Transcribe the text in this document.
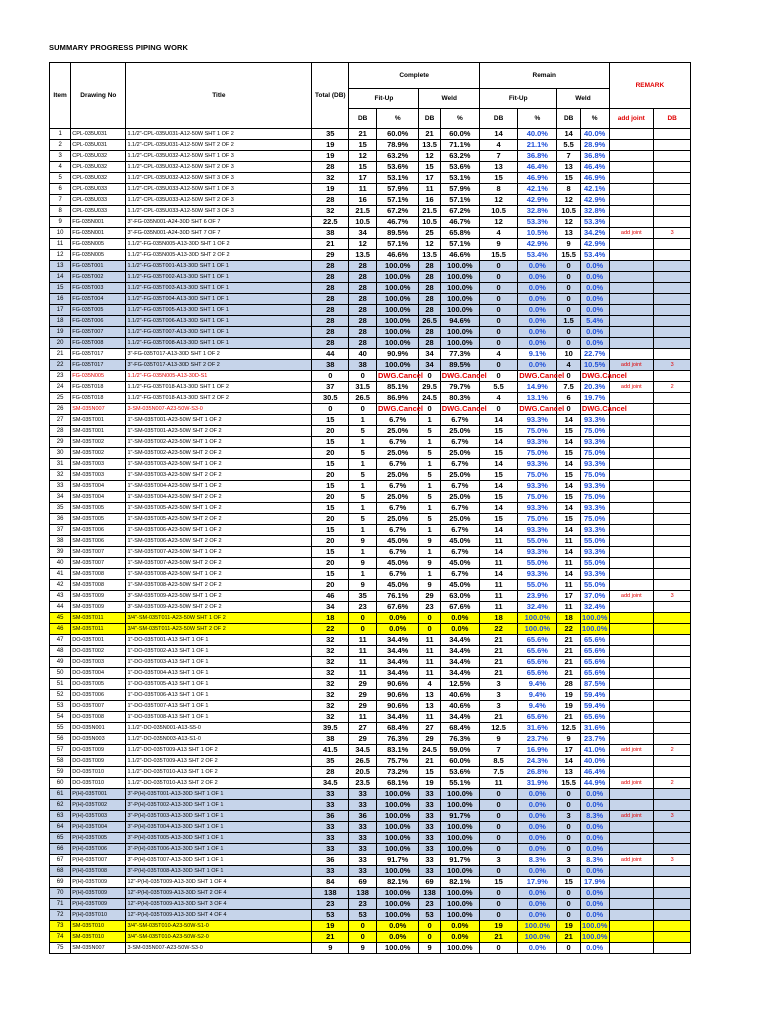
SUMMARY PROGRESS PIPING WORK
Item	Drawing No	Title	Total (DB)	Complete				Remain				REMARK	
				Fit-Up		Weld		Fit-Up		Weld			
				DB	%	DB	%	DB	%	DB	%	add joint	DB
1	CPL-035U031	1.1/2"-CPL-035U031-A12-50W SHT 1 OF 2	35	21	60.0%	21	60.0%	14	40.0%	14	40.0%		
2	CPL-035U031	1.1/2"-CPL-035U031-A12-50W SHT 2 OF 2	19	15	78.9%	13.5	71.1%	4	21.1%	5.5	28.9%		
3	CPL-035U032	1.1/2"-CPL-035U032-A12-50W SHT 1 OF 3	19	12	63.2%	12	63.2%	7	36.8%	7	36.8%		
4	CPL-035U032	1.1/2"-CPL-035U032-A12-50W SHT 2 OF 3	28	15	53.6%	15	53.6%	13	46.4%	13	46.4%		
5	CPL-035U032	1.1/2"-CPL-035U032-A12-50W SHT 3 OF 3	32	17	53.1%	17	53.1%	15	46.9%	15	46.9%		
6	CPL-035U033	1.1/2"-CPL-035U033-A12-50W SHT 1 OF 3	19	11	57.9%	11	57.9%	8	42.1%	8	42.1%		
7	CPL-035U033	1.1/2"-CPL-035U033-A12-50W SHT 2 OF 3	28	16	57.1%	16	57.1%	12	42.9%	12	42.9%		
8	CPL-035U033	1.1/2"-CPL-035U033-A12-50W SHT 3 OF 3	32	21.5	67.2%	21.5	67.2%	10.5	32.8%	10.5	32.8%		
9	FG-035N001	3"-FG-035N001-A24-30D SHT 6 OF 7	22.5	10.5	46.7%	10.5	46.7%	12	53.3%	12	53.3%		
10	FG-035N001	3"-FG-035N001-A24-30D SHT 7 OF 7	38	34	89.5%	25	65.8%	4	10.5%	13	34.2%	add joint	3
11	FG-035N005	1.1/2"-FG-035N005-A13-30D SHT 1 OF 2	21	12	57.1%	12	57.1%	9	42.9%	9	42.9%		
12	FG-035N005	1.1/2"-FG-035N005-A13-30D SHT 2 OF 2	29	13.5	46.6%	13.5	46.6%	15.5	53.4%	15.5	53.4%		
13	FG-035T001	1.1/2"-FG-035T001-A13-30D SHT 1 OF 1	28	28	100.0%	28	100.0%	0	0.0%	0	0.0%		
14	FG-035T002	1.1/2"-FG-035T002-A13-30D SHT 1 OF 1	28	28	100.0%	28	100.0%	0	0.0%	0	0.0%		
15	FG-035T003	1.1/2"-FG-035T003-A13-30D SHT 1 OF 1	28	28	100.0%	28	100.0%	0	0.0%	0	0.0%		
16	FG-035T004	1.1/2"-FG-035T004-A13-30D SHT 1 OF 1	28	28	100.0%	28	100.0%	0	0.0%	0	0.0%		
17	FG-035T005	1.1/2"-FG-035T005-A13-30D SHT 1 OF 1	28	28	100.0%	28	100.0%	0	0.0%	0	0.0%		
18	FG-035T006	1.1/2"-FG-035T006-A13-30D SHT 1 OF 1	28	28	100.0%	26.5	94.6%	0	0.0%	1.5	5.4%		
19	FG-035T007	1.1/2"-FG-035T007-A13-30D SHT 1 OF 1	28	28	100.0%	28	100.0%	0	0.0%	0	0.0%		
20	FG-035T008	1.1/2"-FG-035T008-A13-30D SHT 1 OF 1	28	28	100.0%	28	100.0%	0	0.0%	0	0.0%		
21	FG-035T017	3"-FG-035T017-A13-30D SHT 1 OF 2	44	40	90.9%	34	77.3%	4	9.1%	10	22.7%		
22	FG-035T017	3"-FG-035T017-A13-30D SHT 2 OF 2	38	38	100.0%	34	89.5%	0	0.0%	4	10.5%	add joint	3
23	FG-035N005	1.1/2"-FG-035N005-A13-30D-S1	0	0	DWG.Cancel	0	DWG.Cancel	0	DWG.Cancel	0	DWG.Cancel		
24	FG-035T018	1.1/2"-FG-035T018-A13-30D SHT 1 OF 2	37	31.5	85.1%	29.5	79.7%	5.5	14.9%	7.5	20.3%	add joint	2
25	FG-035T018	1.1/2"-FG-035T018-A13-30D SHT 2 OF 2	30.5	26.5	86.9%	24.5	80.3%	4	13.1%	6	19.7%		
26	SM-035N007	3-SM-035N007-A23-50W-S3-0	0	0	DWG.Cancel	0	DWG.Cancel	0	DWG.Cancel	0	DWG.Cancel		
27	SM-035T001	1"-SM-035T001-A23-50W SHT 1 OF 2	15	1	6.7%	1	6.7%	14	93.3%	14	93.3%		
28	SM-035T001	1"-SM-035T001-A23-50W SHT 2 OF 2	20	5	25.0%	5	25.0%	15	75.0%	15	75.0%		
29	SM-035T002	1"-SM-035T002-A23-50W SHT 1 OF 2	15	1	6.7%	1	6.7%	14	93.3%	14	93.3%		
30	SM-035T002	1"-SM-035T002-A23-50W SHT 2 OF 2	20	5	25.0%	5	25.0%	15	75.0%	15	75.0%		
31	SM-035T003	1"-SM-035T003-A23-50W SHT 1 OF 2	15	1	6.7%	1	6.7%	14	93.3%	14	93.3%		
32	SM-035T003	1"-SM-035T003-A23-50W SHT 2 OF 2	20	5	25.0%	5	25.0%	15	75.0%	15	75.0%		
33	SM-035T004	1"-SM-035T004-A23-50W SHT 1 OF 2	15	1	6.7%	1	6.7%	14	93.3%	14	93.3%		
34	SM-035T004	1"-SM-035T004-A23-50W SHT 2 OF 2	20	5	25.0%	5	25.0%	15	75.0%	15	75.0%		
35	SM-035T005	1"-SM-035T005-A23-50W SHT 1 OF 2	15	1	6.7%	1	6.7%	14	93.3%	14	93.3%		
36	SM-035T005	1"-SM-035T005-A23-50W SHT 2 OF 2	20	5	25.0%	5	25.0%	15	75.0%	15	75.0%		
37	SM-035T006	1"-SM-035T006-A23-50W SHT 1 OF 2	15	1	6.7%	1	6.7%	14	93.3%	14	93.3%		
38	SM-035T006	1"-SM-035T006-A23-50W SHT 2 OF 2	20	9	45.0%	9	45.0%	11	55.0%	11	55.0%		
39	SM-035T007	1"-SM-035T007-A23-50W SHT 1 OF 2	15	1	6.7%	1	6.7%	14	93.3%	14	93.3%		
40	SM-035T007	1"-SM-035T007-A23-50W SHT 2 OF 2	20	9	45.0%	9	45.0%	11	55.0%	11	55.0%		
41	SM-035T008	1"-SM-035T008-A23-50W SHT 1 OF 2	15	1	6.7%	1	6.7%	14	93.3%	14	93.3%		
42	SM-035T008	1"-SM-035T008-A23-50W SHT 2 OF 2	20	9	45.0%	9	45.0%	11	55.0%	11	55.0%		
43	SM-035T009	3"-SM-035T009-A23-50W SHT 1 OF 2	46	35	76.1%	29	63.0%	11	23.9%	17	37.0%	add joint	3
44	SM-035T009	3"-SM-035T009-A23-50W SHT 2 OF 2	34	23	67.6%	23	67.6%	11	32.4%	11	32.4%		
45	SM-035T011	3/4"-SM-035T011-A23-50W SHT 1 OF 2	18	0	0.0%	0	0.0%	18	100.0%	18	100.0%		
46	SM-035T011	3/4"-SM-035T011-A23-50W SHT 2 OF 2	22	0	0.0%	0	0.0%	22	100.0%	22	100.0%		
47	DO-035T001	1"-DO-035T001-A13 SHT 1 OF 1	32	11	34.4%	11	34.4%	21	65.6%	21	65.6%		
48	DO-035T002	1"-DO-035T002-A13 SHT 1 OF 1	32	11	34.4%	11	34.4%	21	65.6%	21	65.6%		
49	DO-035T003	1"-DO-035T003-A13 SHT 1 OF 1	32	11	34.4%	11	34.4%	21	65.6%	21	65.6%		
50	DO-035T004	1"-DO-035T004-A13 SHT 1 OF 1	32	11	34.4%	11	34.4%	21	65.6%	21	65.6%		
51	DO-035T005	1"-DO-035T005-A13 SHT 1 OF 1	32	29	90.6%	4	12.5%	3	9.4%	28	87.5%		
52	DO-035T006	1"-DO-035T006-A13 SHT 1 OF 1	32	29	90.6%	13	40.6%	3	9.4%	19	59.4%		
53	DO-035T007	1"-DO-035T007-A13 SHT 1 OF 1	32	29	90.6%	13	40.6%	3	9.4%	19	59.4%		
54	DO-035T008	1"-DO-035T008-A13 SHT 1 OF 1	32	11	34.4%	11	34.4%	21	65.6%	21	65.6%		
55	DO-035N001	1.1/2"-DO-035N001-A13-S5-0	39.5	27	68.4%	27	68.4%	12.5	31.6%	12.5	31.6%		
56	DO-035N003	1.1/2"-DO-035N003-A13-S1-0	38	29	76.3%	29	76.3%	9	23.7%	9	23.7%		
57	DO-035T009	1.1/2"-DO-035T009-A13 SHT 1 OF 2	41.5	34.5	83.1%	24.5	59.0%	7	16.9%	17	41.0%	add joint	2
58	DO-035T009	1.1/2"-DO-035T009-A13 SHT 2 OF 2	35	26.5	75.7%	21	60.0%	8.5	24.3%	14	40.0%		
59	DO-035T010	1.1/2"-DO-035T010-A13 SHT 1 OF 2	28	20.5	73.2%	15	53.6%	7.5	26.8%	13	46.4%		
60	DO-035T010	1.1/2"-DO-035T010-A13 SHT 2 OF 2	34.5	23.5	68.1%	19	55.1%	11	31.9%	15.5	44.9%	add joint	2
61	P(H)-035T001	3"-P(H)-035T001-A13-30D SHT 1 OF 1	33	33	100.0%	33	100.0%	0	0.0%	0	0.0%		
62	P(H)-035T002	3"-P(H)-035T002-A13-30D SHT 1 OF 1	33	33	100.0%	33	100.0%	0	0.0%	0	0.0%		
63	P(H)-035T003	3"-P(H)-035T003-A13-30D SHT 1 OF 1	36	36	100.0%	33	91.7%	0	0.0%	3	8.3%	add joint	3
64	P(H)-035T004	3"-P(H)-035T004-A13-30D SHT 1 OF 1	33	33	100.0%	33	100.0%	0	0.0%	0	0.0%		
65	P(H)-035T005	3"-P(H)-035T005-A13-30D SHT 1 OF 1	33	33	100.0%	33	100.0%	0	0.0%	0	0.0%		
66	P(H)-035T006	3"-P(H)-035T006-A13-30D SHT 1 OF 1	33	33	100.0%	33	100.0%	0	0.0%	0	0.0%		
67	P(H)-035T007	3"-P(H)-035T007-A13-30D SHT 1 OF 1	36	33	91.7%	33	91.7%	3	8.3%	3	8.3%	add joint	3
68	P(H)-035T008	3"-P(H)-035T008-A13-30D SHT 1 OF 1	33	33	100.0%	33	100.0%	0	0.0%	0	0.0%		
69	P(H)-035T009	12"-P(H)-035T009-A13-30D SHT 1 OF 4	84	69	82.1%	69	82.1%	15	17.9%	15	17.9%		
70	P(H)-035T009	12"-P(H)-035T009-A13-30D SHT 2 OF 4	138	138	100.0%	138	100.0%	0	0.0%	0	0.0%		
71	P(H)-035T009	12"-P(H)-035T009-A13-30D SHT 3 OF 4	23	23	100.0%	23	100.0%	0	0.0%	0	0.0%		
72	P(H)-035T010	12"-P(H)-035T009-A13-30D SHT 4 OF 4	53	53	100.0%	53	100.0%	0	0.0%	0	0.0%		
73	SM-035T010	3/4"-SM-035T010-A23-50W-S1-0	19	0	0.0%	0	0.0%	19	100.0%	19	100.0%		
74	SM-035T010	3/4"-SM-035T010-A23-50W-S2-0	21	0	0.0%	0	0.0%	21	100.0%	21	100.0%		
75	SM-035N007	3-SM-035N007-A23-50W-S3-0	9	9	100.0%	9	100.0%	0	0.0%	0	0.0%		
